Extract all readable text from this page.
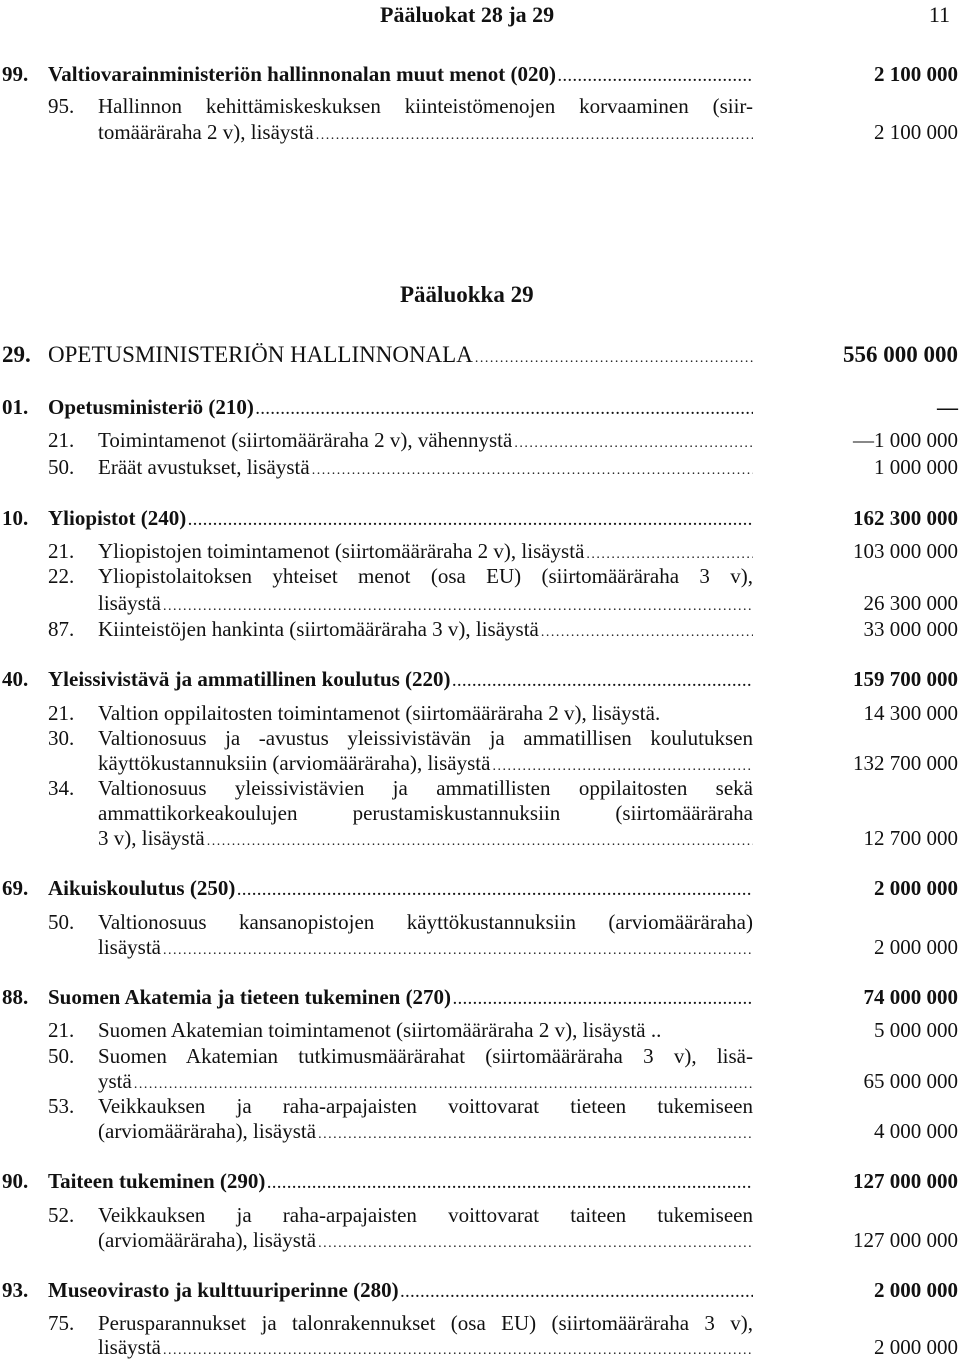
Pääluokat 28 ja 29	11
99. Valtiovarainministeriön hallinnonalan muut menot (020) . . .	2 100 000
95. Hallinnon kehittämiskeskuksen kiinteistömenojen korvaaminen (siir-
tomääräraha 2 v), lisäystä . . .	2 100 000
Pääluokka 29
29. OPETUSMINISTERIÖN HALLINNONALA . . .	556 000 000
01. Opetusministeriö (210) . . .	—
21. Toimintamenot (siirtomääräraha 2 v), vähennystä . . .	—1 000 000
50. Eräät avustukset, lisäystä . . .	1 000 000
10. Yliopistot (240) . . .	162 300 000
21. Yliopistojen toimintamenot (siirtomääräraha 2 v), lisäystä . . .	103 000 000
22. Yliopistolaitoksen yhteiset menot (osa EU) (siirtomääräraha 3 v),
lisäystä . . .	26 300 000
87. Kiinteistöjen hankinta (siirtomääräraha 3 v), lisäystä . . .	33 000 000
40. Yleissivistävä ja ammatillinen koulutus (220) . . .	159 700 000
21. Valtion oppilaitosten toimintamenot (siirtomääräraha 2 v), lisäystä.	14 300 000
30. Valtionosuus ja -avustus yleissivistävän ja ammatillisen koulutuksen
käyttökustannuksiin (arviomääräraha), lisäystä . . .	132 700 000
34. Valtionosuus yleissivistävien ja ammatillisten oppilaitosten sekä
ammattikorkeakoulujen perustamiskustannuksiin (siirtomääräraha
3 v), lisäystä . . .	12 700 000
69. Aikuiskoulutus (250) . . .	2 000 000
50. Valtionosuus kansanopistojen käyttökustannuksiin (arviomääräraha)
lisäystä . . .	2 000 000
88. Suomen Akatemia ja tieteen tukeminen (270) . . .	74 000 000
21. Suomen Akatemian toimintamenot (siirtomääräraha 2 v), lisäystä ..	5 000 000
50. Suomen Akatemian tutkimusmäärärahat (siirtomääräraha 3 v), lisä-
ystä . . .	65 000 000
53. Veikkauksen ja raha-arpajaisten voittovarat tieteen tukemiseen
(arviomääräraha), lisäystä . . .	4 000 000
90. Taiteen tukeminen (290) . . .	127 000 000
52. Veikkauksen ja raha-arpajaisten voittovarat taiteen tukemiseen
(arviomääräraha), lisäystä . . .	127 000 000
93. Museovirasto ja kulttuuriperinne (280) . . .	2 000 000
75. Perusparannukset ja talonrakennukset (osa EU) (siirtomääräraha 3 v),
lisäystä . . .	2 000 000
